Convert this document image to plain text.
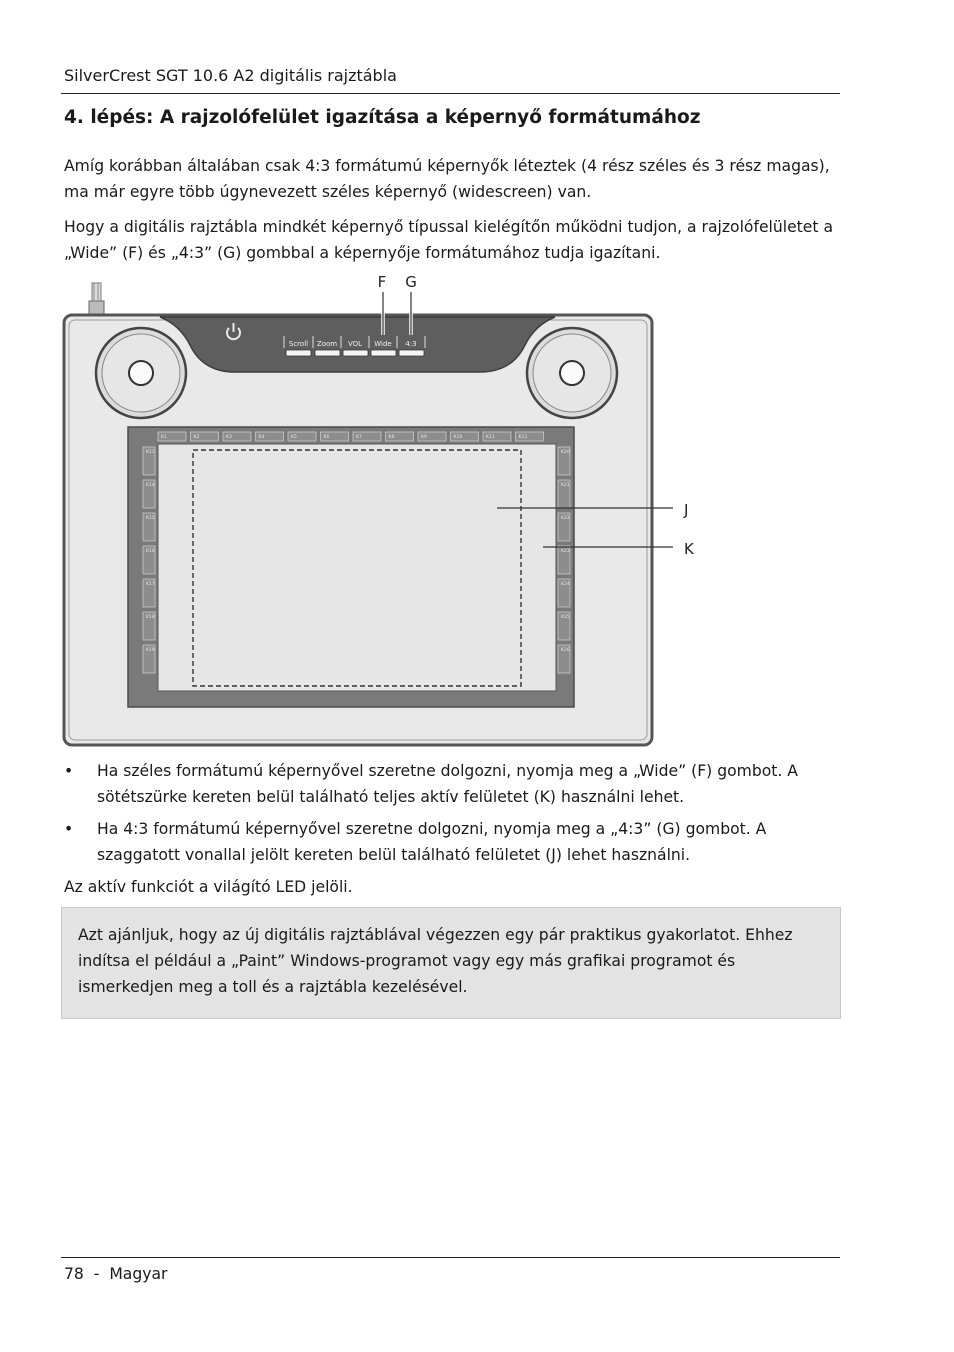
SilverCrest SGT 10.6 A2 digitális rajztábla
4. lépés: A rajzolófelület igazítása a képernyő formátumához
Amíg korábban általában csak 4:3 formátumú képernyők léteztek (4 rész széles és 3 rész magas),
ma már egyre több úgynevezett széles képernyő (widescreen) van.
Hogy a digitális rajztábla mindkét képernyő típussal kielégítőn működni tudjon, a rajzolófelületet a
„Wide” (F) és „4:3” (G) gombbal a képernyője formátumához tudja igazítani.
Scroll Zoom VOL Wide 4:3
F G
K1	K2	K3	K4	K5	K6	K7	K8	K9	K10	K11	K12
K13
K14
K15
K16
K17
K18
K19
K20
K21
K22
K23
K24
K25
K26
J
K
• Ha széles formátumú képernyővel szeretne dolgozni, nyomja meg a „Wide” (F) gombot. A
sötétszürke kereten belül található teljes aktív felületet (K) használni lehet.
• Ha 4:3 formátumú képernyővel szeretne dolgozni, nyomja meg a „4:3” (G) gombot. A
szaggatott vonallal jelölt kereten belül található felületet (J) lehet használni.
Az aktív funkciót a világító LED jelöli.
Azt ajánljuk, hogy az új digitális rajztáblával végezzen egy pár praktikus gyakorlatot. Ehhez
indítsa el például a „Paint” Windows-programot vagy egy más grafikai programot és
ismerkedjen meg a toll és a rajztábla kezelésével.
78 - Magyar
